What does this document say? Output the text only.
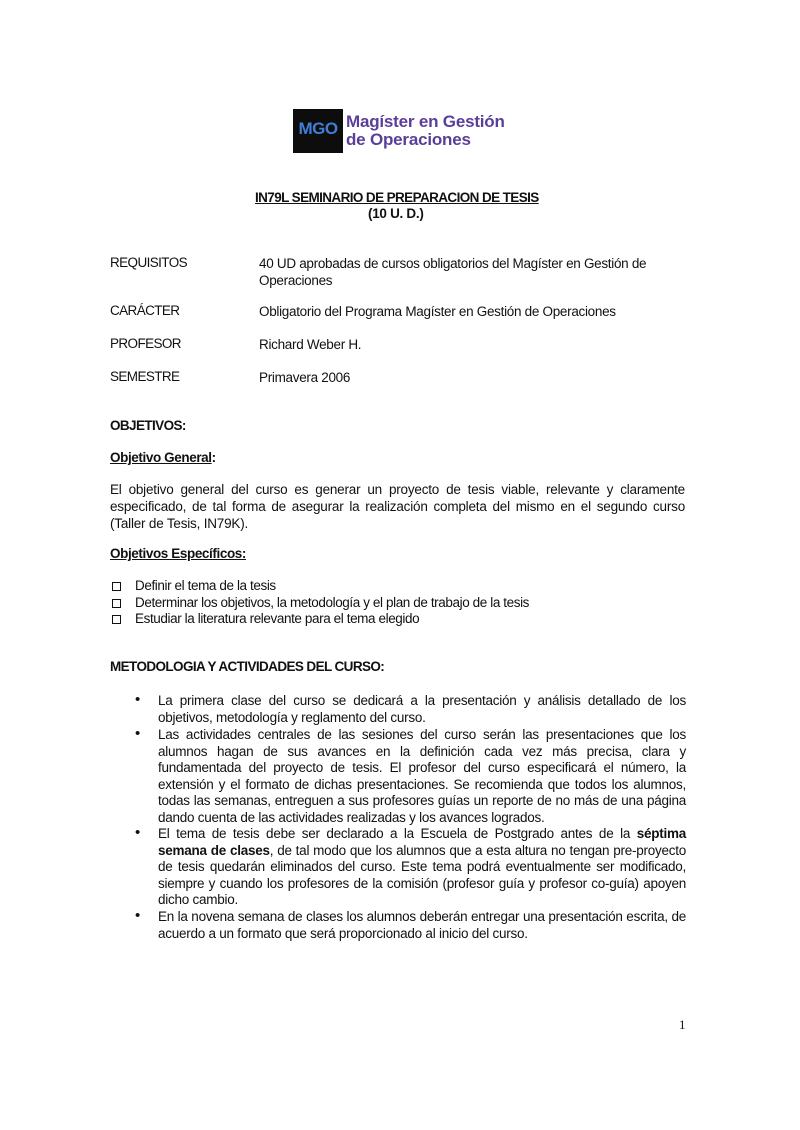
MGO Magíster en Gestión
de Operaciones
IN79L SEMINARIO DE PREPARACION DE TESIS
(10 U. D.)
REQUISITOS	40 UD aprobadas de cursos obligatorios del Magíster en Gestión de Operaciones
CARÁCTER	Obligatorio del Programa Magíster en Gestión de Operaciones
PROFESOR	Richard Weber H.
SEMESTRE	Primavera 2006
OBJETIVOS:
Objetivo General:
El objetivo general del curso es generar un proyecto de tesis viable, relevante y claramente especificado, de tal forma de asegurar la realización completa del mismo en el segundo curso (Taller de Tesis, IN79K).
Objetivos Específicos:
Definir el tema de la tesis
Determinar los objetivos, la metodología y el plan de trabajo de la tesis
Estudiar la literatura relevante para el tema elegido
METODOLOGIA Y ACTIVIDADES DEL CURSO:
• La primera clase del curso se dedicará a la presentación y análisis detallado de los objetivos, metodología y reglamento del curso.
• Las actividades centrales de las sesiones del curso serán las presentaciones que los alumnos hagan de sus avances en la definición cada vez más precisa, clara y fundamentada del proyecto de tesis. El profesor del curso especificará el número, la extensión y el formato de dichas presentaciones. Se recomienda que todos los alumnos, todas las semanas, entreguen a sus profesores guías un reporte de no más de una página dando cuenta de las actividades realizadas y los avances logrados.
• El tema de tesis debe ser declarado a la Escuela de Postgrado antes de la séptima semana de clases, de tal modo que los alumnos que a esta altura no tengan pre-proyecto de tesis quedarán eliminados del curso. Este tema podrá eventualmente ser modificado, siempre y cuando los profesores de la comisión (profesor guía y profesor co-guía) apoyen dicho cambio.
• En la novena semana de clases los alumnos deberán entregar una presentación escrita, de acuerdo a un formato que será proporcionado al inicio del curso.
1
